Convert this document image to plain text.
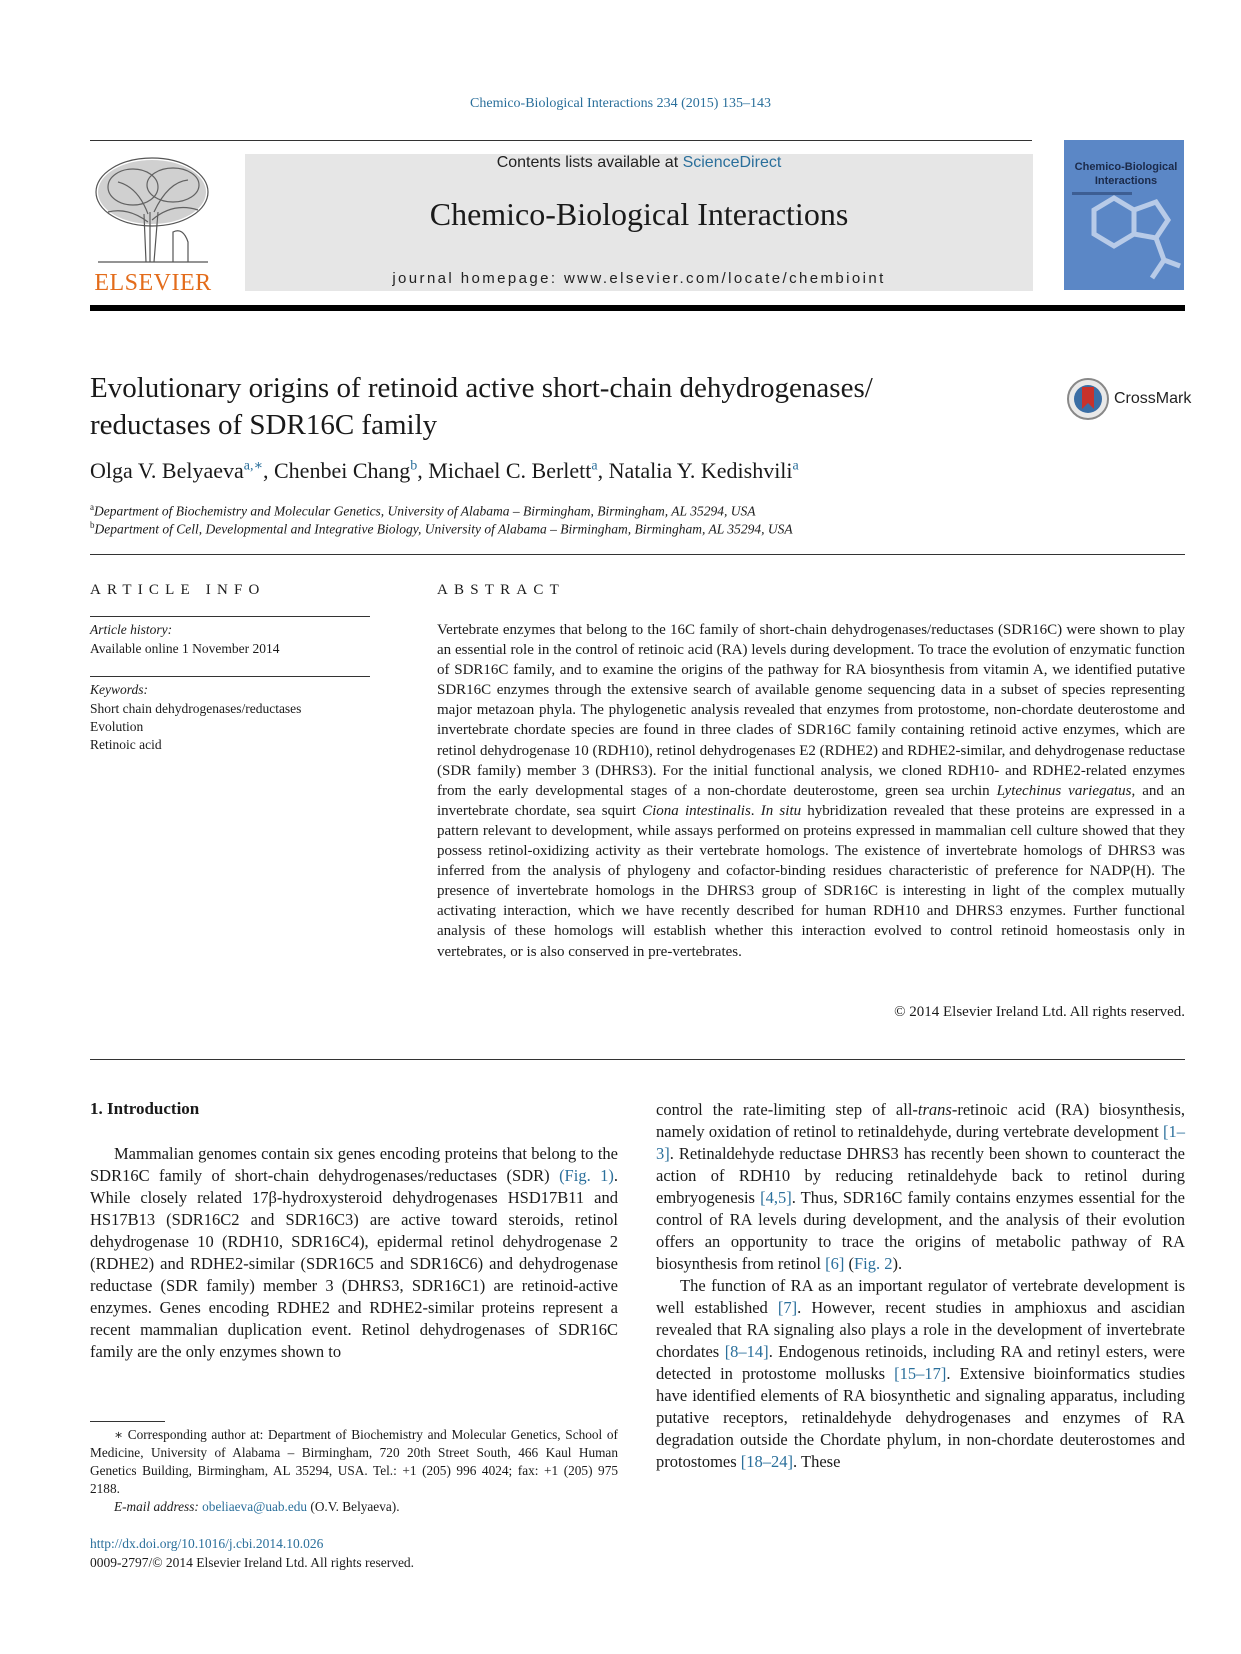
Chemico-Biological Interactions 234 (2015) 135–143
ELSEVIER
Contents lists available at ScienceDirect
Chemico-Biological Interactions
journal homepage: www.elsevier.com/locate/chembioint
Chemico-Biological
Interactions
Evolutionary origins of retinoid active short-chain dehydrogenases/
reductases of SDR16C family
CrossMark
Olga V. Belyaeva$^{a,∗}$, Chenbei Chang$^b$, Michael C. Berlett$^a$, Natalia Y. Kedishvili$^a$
$^a$Department of Biochemistry and Molecular Genetics, University of Alabama – Birmingham, Birmingham, AL 35294, USA
$^b$Department of Cell, Developmental and Integrative Biology, University of Alabama – Birmingham, Birmingham, AL 35294, USA
ARTICLE INFO
Article history:
Available online 1 November 2014
Keywords:
Short chain dehydrogenases/reductases
Evolution
Retinoic acid
ABSTRACT
Vertebrate enzymes that belong to the 16C family of short-chain dehydrogenases/reductases (SDR16C) were shown to play an essential role in the control of retinoic acid (RA) levels during development. To trace the evolution of enzymatic function of SDR16C family, and to examine the origins of the pathway for RA biosynthesis from vitamin A, we identified putative SDR16C enzymes through the extensive search of available genome sequencing data in a subset of species representing major metazoan phyla. The phylogenetic analysis revealed that enzymes from protostome, non-chordate deuterostome and invertebrate chordate species are found in three clades of SDR16C family containing retinoid active enzymes, which are retinol dehydrogenase 10 (RDH10), retinol dehydrogenases E2 (RDHE2) and RDHE2-similar, and dehydrogenase reductase (SDR family) member 3 (DHRS3). For the initial functional analysis, we cloned RDH10- and RDHE2-related enzymes from the early developmental stages of a non-chordate deuterostome, green sea urchin Lytechinus variegatus, and an invertebrate chordate, sea squirt Ciona intestinalis. In situ hybridization revealed that these proteins are expressed in a pattern relevant to development, while assays performed on proteins expressed in mammalian cell culture showed that they possess retinol-oxidizing activity as their vertebrate homologs. The existence of invertebrate homologs of DHRS3 was inferred from the analysis of phylogeny and cofactor-binding residues characteristic of preference for NADP(H). The presence of invertebrate homologs in the DHRS3 group of SDR16C is interesting in light of the complex mutually activating interaction, which we have recently described for human RDH10 and DHRS3 enzymes. Further functional analysis of these homologs will establish whether this interaction evolved to control retinoid homeostasis only in vertebrates, or is also conserved in pre-vertebrates.
© 2014 Elsevier Ireland Ltd. All rights reserved.
1. Introduction

Mammalian genomes contain six genes encoding proteins that belong to the SDR16C family of short-chain dehydrogenases/reductases (SDR) (Fig. 1). While closely related 17β-hydroxysteroid dehydrogenases HSD17B11 and HS17B13 (SDR16C2 and SDR16C3) are active toward steroids, retinol dehydrogenase 10 (RDH10, SDR16C4), epidermal retinol dehydrogenase 2 (RDHE2) and RDHE2-similar (SDR16C5 and SDR16C6) and dehydrogenase reductase (SDR family) member 3 (DHRS3, SDR16C1) are retinoid-active enzymes. Genes encoding RDHE2 and RDHE2-similar proteins represent a recent mammalian duplication event. Retinol dehydrogenases of SDR16C family are the only enzymes shown to

control the rate-limiting step of all-trans-retinoic acid (RA) biosynthesis, namely oxidation of retinol to retinaldehyde, during vertebrate development [1–3]. Retinaldehyde reductase DHRS3 has recently been shown to counteract the action of RDH10 by reducing retinaldehyde back to retinol during embryogenesis [4,5]. Thus, SDR16C family contains enzymes essential for the control of RA levels during development, and the analysis of their evolution offers an opportunity to trace the origins of metabolic pathway of RA biosynthesis from retinol [6] (Fig. 2).

The function of RA as an important regulator of vertebrate development is well established [7]. However, recent studies in amphioxus and ascidian revealed that RA signaling also plays a role in the development of invertebrate chordates [8–14]. Endogenous retinoids, including RA and retinyl esters, were detected in protostome mollusks [15–17]. Extensive bioinformatics studies have identified elements of RA biosynthetic and signaling apparatus, including putative receptors, retinaldehyde dehydrogenases and enzymes of RA degradation outside the Chordate phylum, in non-chordate deuterostomes and protostomes [18–24]. These

∗ Corresponding author at: Department of Biochemistry and Molecular Genetics, School of Medicine, University of Alabama – Birmingham, 720 20th Street South, 466 Kaul Human Genetics Building, Birmingham, AL 35294, USA. Tel.: +1 (205) 996 4024; fax: +1 (205) 975 2188.

E-mail address: obeliaeva@uab.edu (O.V. Belyaeva).

http://dx.doi.org/10.1016/j.cbi.2014.10.026
0009-2797/© 2014 Elsevier Ireland Ltd. All rights reserved.
